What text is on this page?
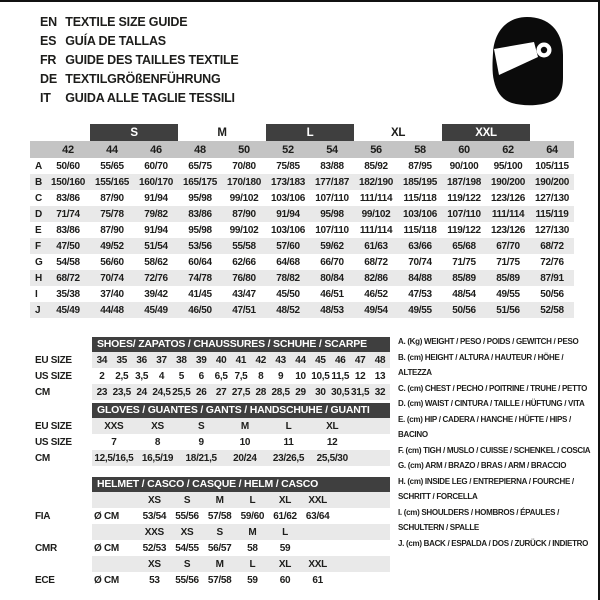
EN TEXTILE SIZE GUIDE
ES GUÍA DE TALLAS
FR GUIDE DES TAILLES TEXTILE
DE TEXTILGRÖßENFÜHRUNG
IT GUIDA ALLE TAGLIE TESSILI
		S		M		L		XL		XXL		
	42	44	46	48	50	52	54	56	58	60	62	64
A	50/60	55/65	60/70	65/75	70/80	75/85	83/88	85/92	87/95	90/100	95/100	105/115
B	150/160	155/165	160/170	165/175	170/180	173/183	177/187	182/190	185/195	187/198	190/200	190/200
C	83/86	87/90	91/94	95/98	99/102	103/106	107/110	111/114	115/118	119/122	123/126	127/130
D	71/74	75/78	79/82	83/86	87/90	91/94	95/98	99/102	103/106	107/110	111/114	115/119
E	83/86	87/90	91/94	95/98	99/102	103/106	107/110	111/114	115/118	119/122	123/126	127/130
F	47/50	49/52	51/54	53/56	55/58	57/60	59/62	61/63	63/66	65/68	67/70	68/72
G	54/58	56/60	58/62	60/64	62/66	64/68	66/70	68/72	70/74	71/75	71/75	72/76
H	68/72	70/74	72/76	74/78	76/80	78/82	80/84	82/86	84/88	85/89	85/89	87/91
I	35/38	37/40	39/42	41/45	43/47	45/50	46/51	46/52	47/53	48/54	49/55	50/56
J	45/49	44/48	45/49	46/50	47/51	48/52	48/53	49/54	49/55	50/56	51/56	52/58
SHOES/ ZAPATOS / CHAUSSURES / SCHUHE / SCARPE
EU SIZE	34 35 36 37 38 39 40 41 42 43 44 45 46 47 48
US SIZE	2	2,5 3,5	4	5	6	6,5 7,5	8	9	10 10,5 11,5 12 13
CM	23 23,5 24 24,5 25,5 26 27 27,5 28 28,5 29 30 30,5 31,5 32
GLOVES / GUANTES / GANTS / HANDSCHUHE / GUANTI
EU SIZE	XXS	XS	S	M	L	XL
US SIZE	7	8	9	10	11	12
CM	12,5/16,5 16,5/19	18/21,5	20/24	23/26,5	25,5/30
HELMET / CASCO / CASQUE / HELM / CASCO
XS	S	M	L	XL	XXL
FIA	Ø CM	53/54 55/56 57/58 59/60 61/62 63/64
XXS	XS	S	M	L
CMR	Ø CM	52/53 54/55 56/57	58	59
XS	S	M	L	XL	XXL
ECE	Ø CM	53	55/56 57/58	59	60	61
A. (Kg) WEIGHT / PESO / POIDS / GEWITCH / PESO
B. (cm) HEIGHT / ALTURA / HAUTEUR / HÖHE / ALTEZZA
C. (cm) CHEST / PECHO / POITRINE / TRUHE / PETTO
D. (cm) WAIST / CINTURA / TAILLE / HÜFTUNG / VITA
E. (cm) HIP / CADERA / HANCHE / HÜFTE / HIPS / BACINO
F. (cm) TIGH / MUSLO / CUISSE / SCHENKEL / COSCIA
G. (cm) ARM / BRAZO / BRAS / ARM / BRACCIO
H. (cm) INSIDE LEG / ENTREPIERNA / FOURCHE / SCHRITT / FORCELLA
I. (cm) SHOULDERS / HOMBROS / ÉPAULES / SCHULTERN / SPALLE
J. (cm) BACK / ESPALDA / DOS / ZURÜCK / INDIETRO
